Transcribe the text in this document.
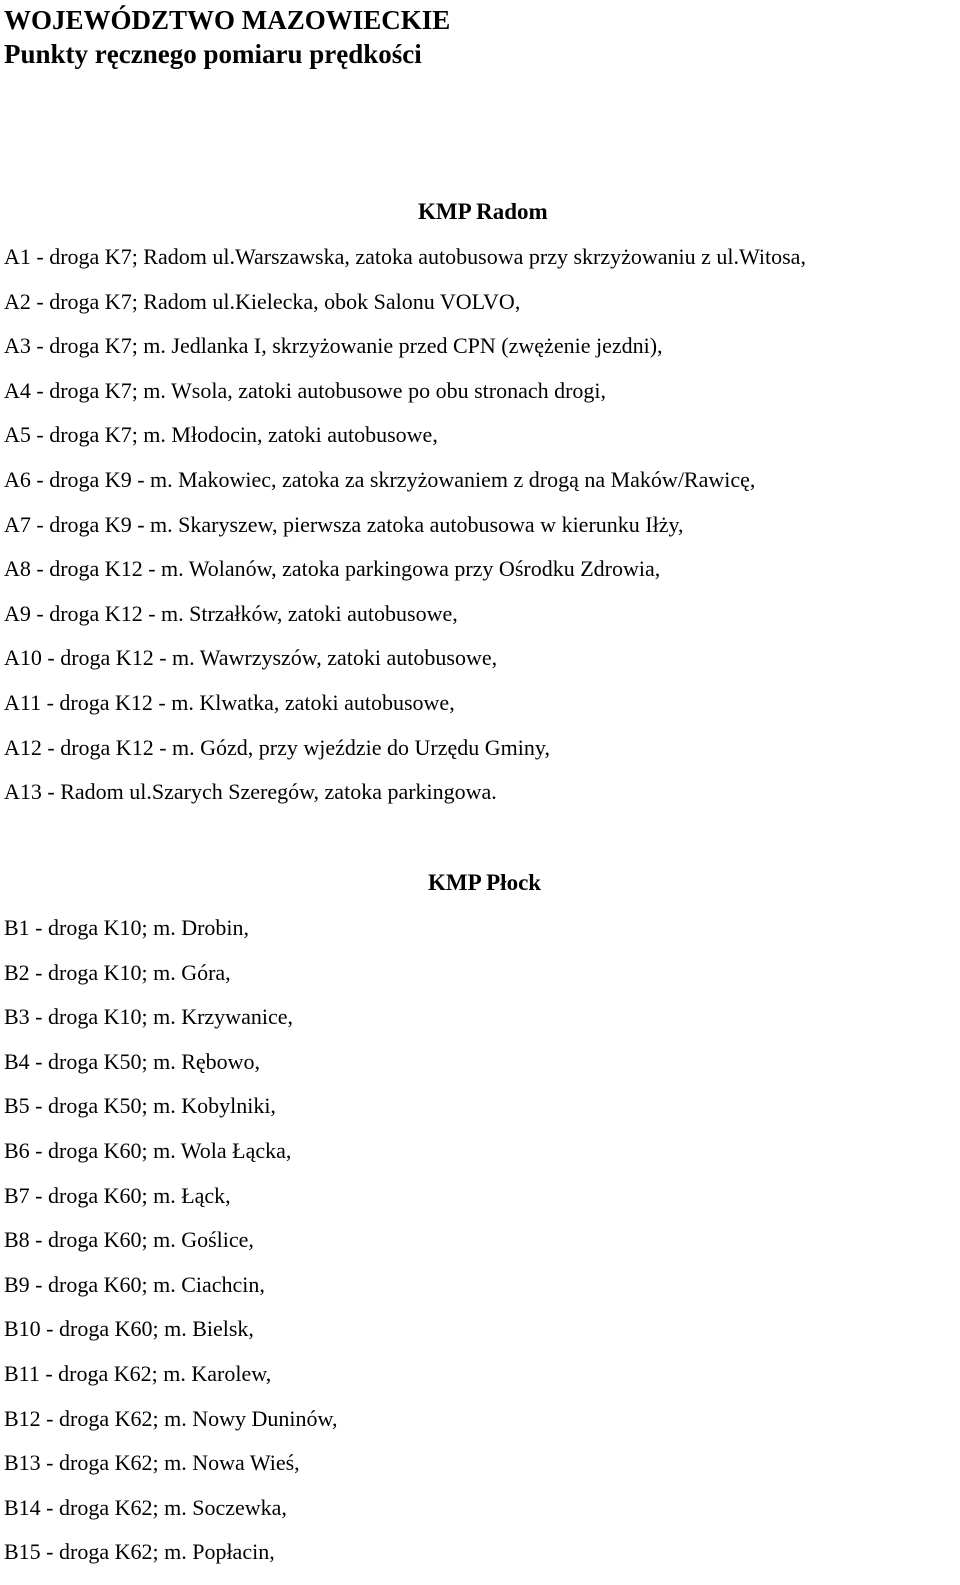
WOJEWÓDZTWO MAZOWIECKIE
Punkty ręcznego pomiaru prędkości
KMP Radom
A1 - droga K7; Radom ul.Warszawska, zatoka autobusowa przy skrzyżowaniu z ul.Witosa,
A2 - droga K7; Radom ul.Kielecka, obok Salonu VOLVO,
A3 - droga K7; m. Jedlanka I, skrzyżowanie przed CPN (zwężenie jezdni),
A4 - droga K7; m. Wsola, zatoki autobusowe po obu stronach drogi,
A5 - droga K7; m. Młodocin, zatoki autobusowe,
A6 - droga K9 - m. Makowiec, zatoka za skrzyżowaniem z drogą na Maków/Rawicę,
A7 - droga K9 - m. Skaryszew, pierwsza zatoka autobusowa w kierunku Iłży,
A8 - droga K12 - m. Wolanów, zatoka parkingowa przy Ośrodku Zdrowia,
A9 - droga K12 - m. Strzałków, zatoki autobusowe,
A10 - droga K12 - m. Wawrzyszów, zatoki autobusowe,
A11 - droga K12 - m. Klwatka, zatoki autobusowe,
A12 - droga K12 - m. Gózd, przy wjeździe do Urzędu Gminy,
A13 - Radom ul.Szarych Szeregów, zatoka parkingowa.
KMP Płock
B1 - droga K10; m. Drobin,
B2 - droga K10; m. Góra,
B3 - droga K10; m. Krzywanice,
B4 - droga K50; m. Rębowo,
B5 - droga K50; m. Kobylniki,
B6 - droga K60; m. Wola Łącka,
B7 - droga K60; m. Łąck,
B8 - droga K60; m. Goślice,
B9 - droga K60; m. Ciachcin,
B10 - droga K60; m. Bielsk,
B11 - droga K62; m. Karolew,
B12 - droga K62; m. Nowy Duninów,
B13 - droga K62; m. Nowa Wieś,
B14 - droga K62; m. Soczewka,
B15 - droga K62; m. Popłacin,
